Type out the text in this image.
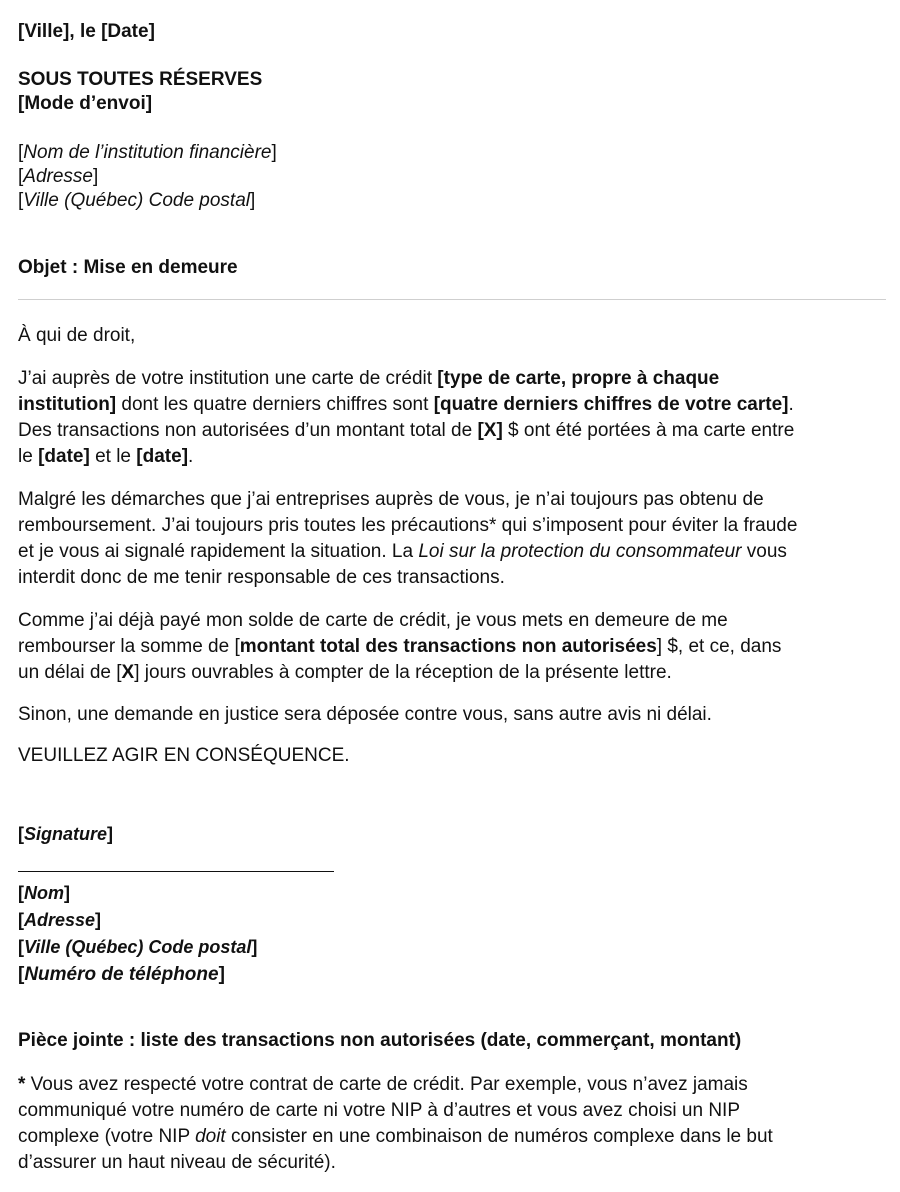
[Ville], le [Date]

SOUS TOUTES RÉSERVES

[Mode d’envoi]

[Nom de l’institution financière]

[Adresse]

[Ville (Québec) Code postal]

Objet : Mise en demeure

À qui de droit,

J’ai auprès de votre institution une carte de crédit [type de carte, propre à chaque
institution] dont les quatre derniers chiffres sont [quatre derniers chiffres de votre carte].
Des transactions non autorisées d’un montant total de [X] $ ont été portées à ma carte entre
le [date] et le [date].

Malgré les démarches que j’ai entreprises auprès de vous, je n’ai toujours pas obtenu de
remboursement. J’ai toujours pris toutes les précautions* qui s’imposent pour éviter la fraude
et je vous ai signalé rapidement la situation. La Loi sur la protection du consommateur vous
interdit donc de me tenir responsable de ces transactions.

Comme j’ai déjà payé mon solde de carte de crédit, je vous mets en demeure de me
rembourser la somme de [montant total des transactions non autorisées] $, et ce, dans
un délai de [X] jours ouvrables à compter de la réception de la présente lettre.

Sinon, une demande en justice sera déposée contre vous, sans autre avis ni délai.

VEUILLEZ AGIR EN CONSÉQUENCE.

[Signature]

[Nom]

[Adresse]

[Ville (Québec) Code postal]

[Numéro de téléphone]

Pièce jointe : liste des transactions non autorisées (date, commerçant, montant)

* Vous avez respecté votre contrat de carte de crédit. Par exemple, vous n’avez jamais
communiqué votre numéro de carte ni votre NIP à d’autres et vous avez choisi un NIP
complexe (votre NIP doit consister en une combinaison de numéros complexe dans le but
d’assurer un haut niveau de sécurité).
